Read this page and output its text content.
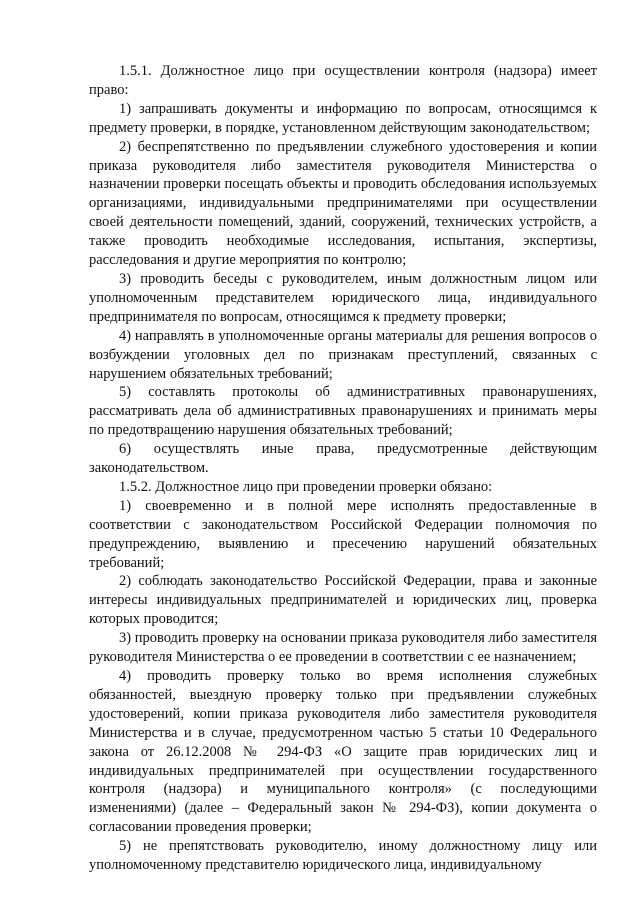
1.5.1. Должностное лицо при осуществлении контроля (надзора) имеет право:

1) запрашивать документы и информацию по вопросам, относящимся к предмету проверки, в порядке, установленном действующим законодательством;

2) беспрепятственно по предъявлении служебного удостоверения и копии приказа руководителя либо заместителя руководителя Министерства о назначении проверки посещать объекты и проводить обследования используемых организациями, индивидуальными предпринимателями при осуществлении своей деятельности помещений, зданий, сооружений, технических устройств, а также проводить необходимые исследования, испытания, экспертизы, расследования и другие мероприятия по контролю;

3) проводить беседы с руководителем, иным должностным лицом или уполномоченным представителем юридического лица, индивидуального предпринимателя по вопросам, относящимся к предмету проверки;

4) направлять в уполномоченные органы материалы для решения вопросов о возбуждении уголовных дел по признакам преступлений, связанных с нарушением обязательных требований;

5) составлять протоколы об административных правонарушениях, рассматривать дела об административных правонарушениях и принимать меры по предотвращению нарушения обязательных требований;

6) осуществлять иные права, предусмотренные действующим законодательством.

1.5.2. Должностное лицо при проведении проверки обязано:

1) своевременно и в полной мере исполнять предоставленные в соответствии с законодательством Российской Федерации полномочия по предупреждению, выявлению и пресечению нарушений обязательных требований;

2) соблюдать законодательство Российской Федерации, права и законные интересы индивидуальных предпринимателей и юридических лиц, проверка которых проводится;

3) проводить проверку на основании приказа руководителя либо заместителя руководителя Министерства о ее проведении в соответствии с ее назначением;

4) проводить проверку только во время исполнения служебных обязанностей, выездную проверку только при предъявлении служебных удостоверений, копии приказа руководителя либо заместителя руководителя Министерства и в случае, предусмотренном частью 5 статьи 10 Федерального закона от 26.12.2008 № 294-ФЗ «О защите прав юридических лиц и индивидуальных предпринимателей при осуществлении государственного контроля (надзора) и муниципального контроля» (с последующими изменениями) (далее – Федеральный закон № 294-ФЗ), копии документа о согласовании проведения проверки;

5) не препятствовать руководителю, иному должностному лицу или уполномоченному представителю юридического лица, индивидуальному
